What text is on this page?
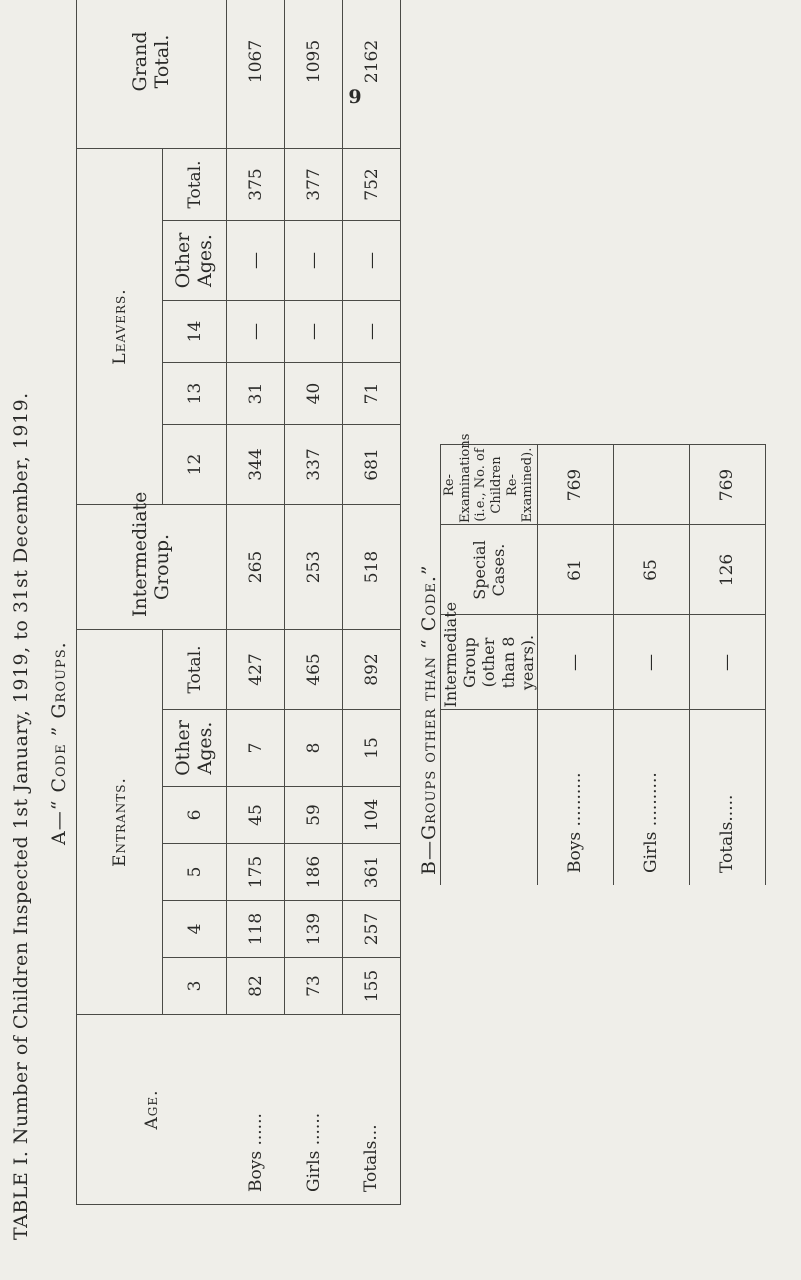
9
TABLE I. Number of Children Inspected 1st January, 1919, to 31st December, 1919. A—“ Code ” Groups.
Age.	Entrants.						Intermediate Group.	Leavers.					Grand Total.
	3	4	5	6	Other Ages.	Total.		12	13	14	Other Ages.	Total.	
Boys ......	82	118	175	45	7	427	265	344	31	—	—	375	1067
Girls ......	73	139	186	59	8	465	253	337	40	—	—	377	1095
Totals...	155	257	361	104	15	892	518	681	71	—	—	752	2162
B—Groups other than “ Code.”
	Intermediate Group (other than 8 years).	Special Cases.	Re-Examinations (i.e., No. of Children Re-Examined).
Boys ..........	—	61	769
Girls ..........	—	65	
Totals.....	—	126	769
